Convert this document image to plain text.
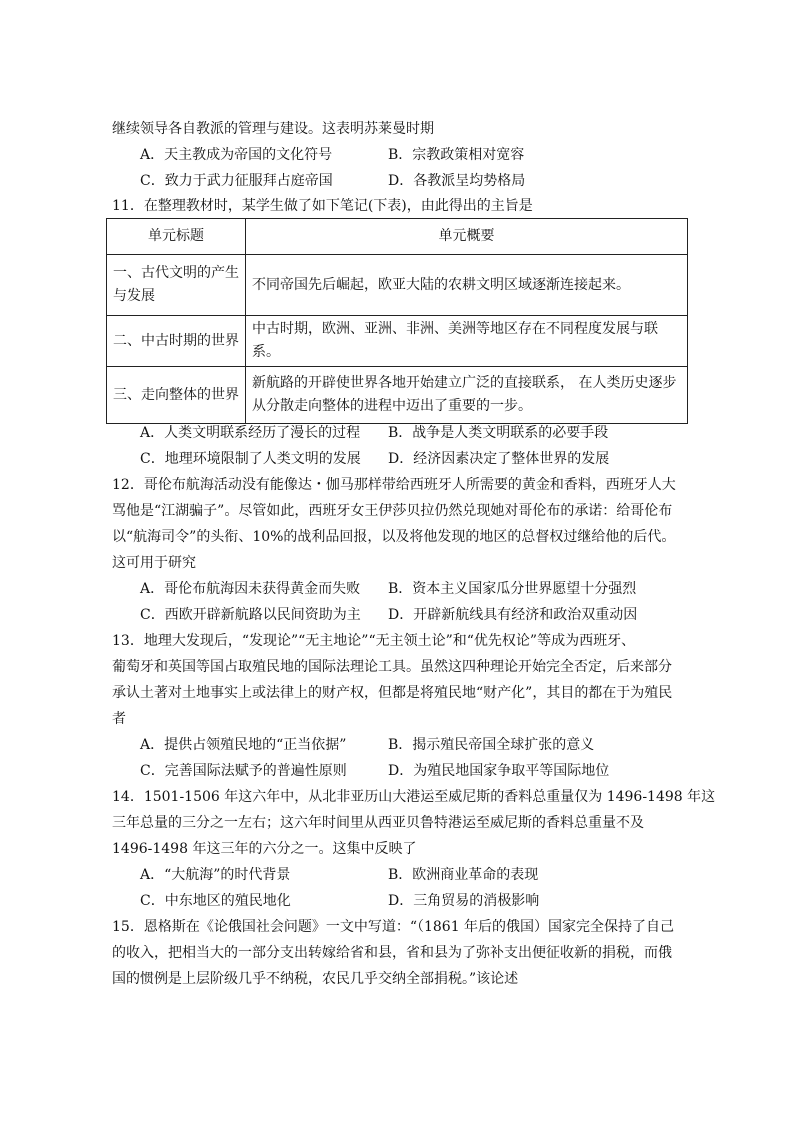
继续领导各自教派的管理与建设。这表明苏莱曼时期
A．天主教成为帝国的文化符号	B．宗教政策相对宽容
C．致力于武力征服拜占庭帝国	D．各教派呈均势格局
11．在整理教材时，某学生做了如下笔记(下表)，由此得出的主旨是
单元标题	单元概要

一、古代文明的产生
与发展	不同帝国先后崛起，欧亚大陆的农耕文明区域逐渐连接起来。

二、中古时期的世界	中古时期，欧洲、亚洲、非洲、美洲等地区存在不同程度发展与联系。

三、走向整体的世界	新航路的开辟使世界各地开始建立广泛的直接联系， 在人类历史逐步
从分散走向整体的进程中迈出了重要的一步。
A．人类文明联系经历了漫长的过程 B．战争是人类文明联系的必要手段
C．地理环境限制了人类文明的发展 D．经济因素决定了整体世界的发展
12．哥伦布航海活动没有能像达・伽马那样带给西班牙人所需要的黄金和香料，西班牙人大
骂他是“江湖骗子”。尽管如此，西班牙女王伊莎贝拉仍然兑现她对哥伦布的承诺：给哥伦布
以“航海司令”的头衔、10%的战利品回报，以及将他发现的地区的总督权过继给他的后代。
这可用于研究
A．哥伦布航海因未获得黄金而失败 B．资本主义国家瓜分世界愿望十分强烈
C．西欧开辟新航路以民间资助为主 D．开辟新航线具有经济和政治双重动因
13．地理大发现后，“发现论”“无主地论”“无主领土论”和“优先权论”等成为西班牙、
葡萄牙和英国等国占取殖民地的国际法理论工具。虽然这四种理论开始完全否定，后来部分
承认土著对土地事实上或法律上的财产权，但都是将殖民地“财产化”，其目的都在于为殖民
者
A．提供占领殖民地的“正当依据”	B．揭示殖民帝国全球扩张的意义
C．完善国际法赋予的普遍性原则	D．为殖民地国家争取平等国际地位
14．1501-1506 年这六年中，从北非亚历山大港运至威尼斯的香料总重量仅为 1496-1498 年这
三年总量的三分之一左右；这六年时间里从西亚贝鲁特港运至威尼斯的香料总重量不及
1496-1498 年这三年的六分之一。这集中反映了
A．“大航海”的时代背景	B．欧洲商业革命的表现
C．中东地区的殖民地化	D．三角贸易的消极影响
15．恩格斯在《论俄国社会问题》一文中写道：“（1861 年后的俄国）国家完全保持了自己
的收入，把相当大的一部分支出转嫁给省和县，省和县为了弥补支出便征收新的捐税，而俄
国的惯例是上层阶级几乎不纳税，农民几乎交纳全部捐税。”该论述
